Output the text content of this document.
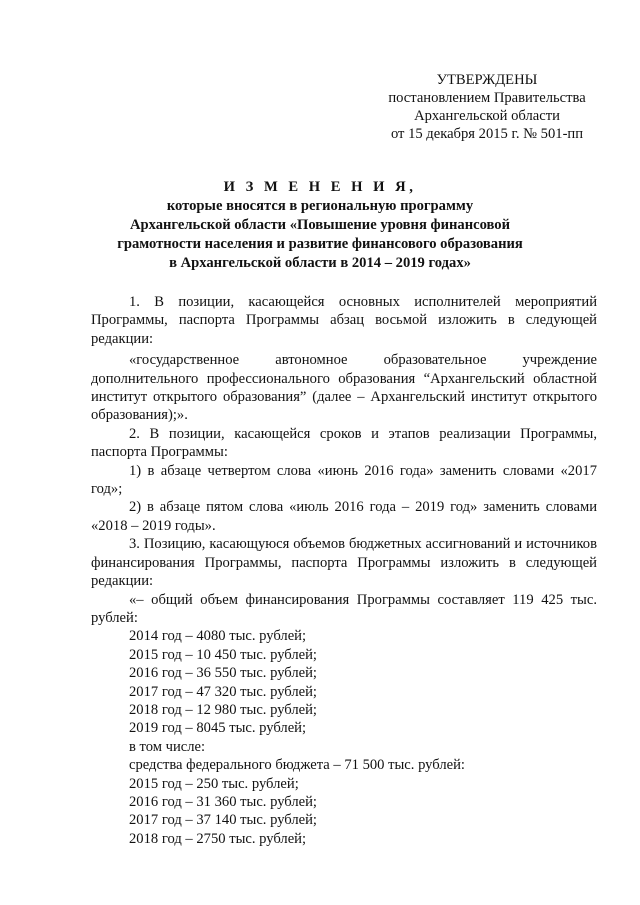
УТВЕРЖДЕНЫ
постановлением Правительства
Архангельской области
от 15 декабря 2015 г. № 501-пп
И З М Е Н Е Н И Я,
которые вносятся в региональную программу
Архангельской области «Повышение уровня финансовой
грамотности населения и развитие финансового образования
в Архангельской области в 2014 – 2019 годах»

1. В позиции, касающейся основных исполнителей мероприятий Программы, паспорта Программы абзац восьмой изложить в следующей редакции:

«государственное автономное образовательное учреждение дополнительного профессионального образования “Архангельский областной институт открытого образования” (далее – Архангельский институт открытого образования);».

2. В позиции, касающейся сроков и этапов реализации Программы, паспорта Программы:

1) в абзаце четвертом слова «июнь 2016 года» заменить словами «2017 год»;

2) в абзаце пятом слова «июль 2016 года – 2019 год» заменить словами «2018 – 2019 годы».

3. Позицию, касающуюся объемов бюджетных ассигнований и источников финансирования Программы, паспорта Программы изложить в следующей редакции:

«– общий объем финансирования Программы составляет 119 425 тыс. рублей:

2014 год – 4080 тыс. рублей;
2015 год – 10 450 тыс. рублей;
2016 год – 36 550 тыс. рублей;
2017 год – 47 320 тыс. рублей;
2018 год – 12 980 тыс. рублей;
2019 год – 8045 тыс. рублей;
в том числе:
средства федерального бюджета – 71 500 тыс. рублей:
2015 год – 250 тыс. рублей;
2016 год – 31 360 тыс. рублей;
2017 год – 37 140 тыс. рублей;
2018 год – 2750 тыс. рублей;
